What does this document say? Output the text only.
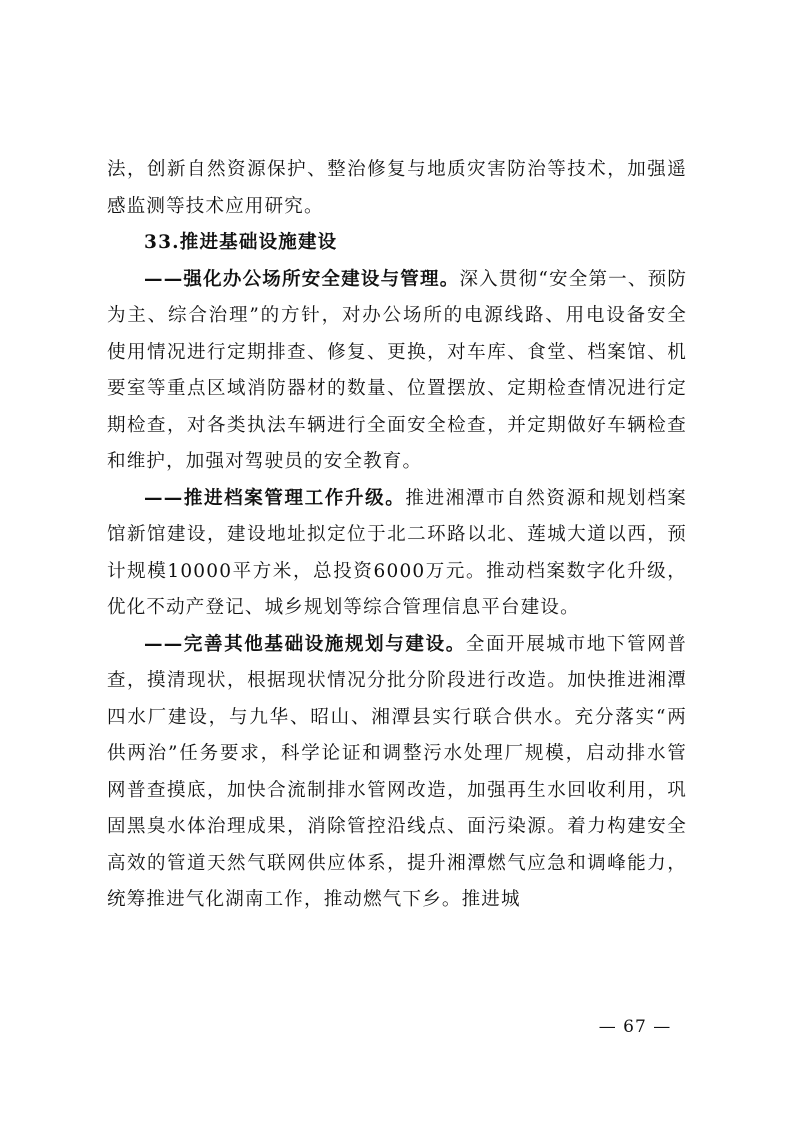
法，创新自然资源保护、整治修复与地质灾害防治等技术，加强遥感监测等技术应用研究。

33.推进基础设施建设

——强化办公场所安全建设与管理。深入贯彻“安全第一、预防为主、综合治理”的方针，对办公场所的电源线路、用电设备安全使用情况进行定期排查、修复、更换，对车库、食堂、档案馆、机要室等重点区域消防器材的数量、位置摆放、定期检查情况进行定期检查，对各类执法车辆进行全面安全检查，并定期做好车辆检查和维护，加强对驾驶员的安全教育。

——推进档案管理工作升级。推进湘潭市自然资源和规划档案馆新馆建设，建设地址拟定位于北二环路以北、莲城大道以西，预计规模10000平方米，总投资6000万元。推动档案数字化升级，优化不动产登记、城乡规划等综合管理信息平台建设。

——完善其他基础设施规划与建设。全面开展城市地下管网普查，摸清现状，根据现状情况分批分阶段进行改造。加快推进湘潭四水厂建设，与九华、昭山、湘潭县实行联合供水。充分落实“两供两治”任务要求，科学论证和调整污水处理厂规模，启动排水管网普查摸底，加快合流制排水管网改造，加强再生水回收利用，巩固黑臭水体治理成果，消除管控沿线点、面污染源。着力构建安全高效的管道天然气联网供应体系，提升湘潭燃气应急和调峰能力，统筹推进气化湖南工作，推动燃气下乡。推进城

— 67 —
